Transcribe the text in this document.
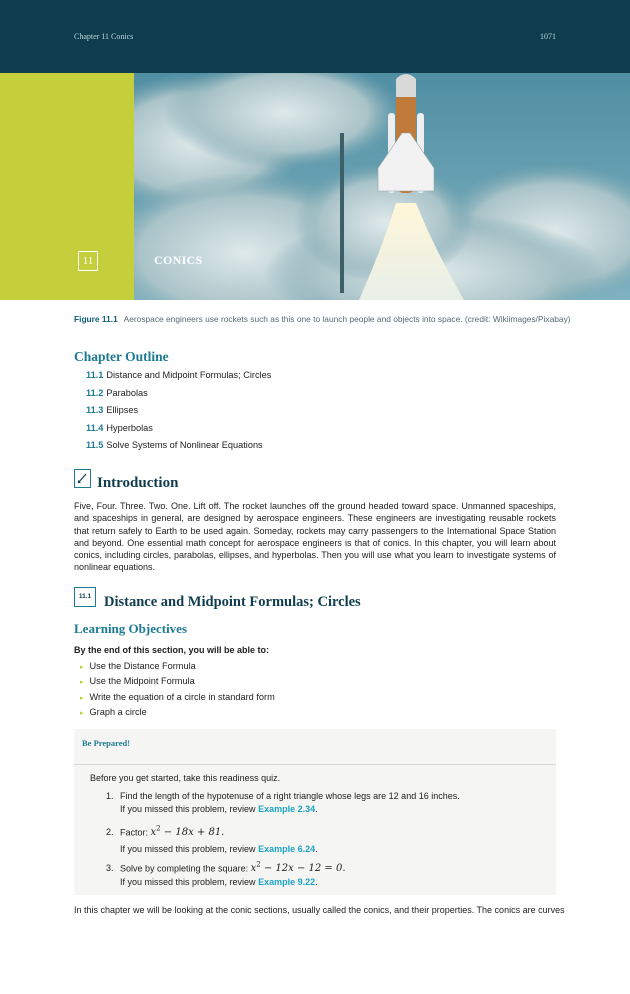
Chapter 11 Conics	1071
11	CONICS
Figure 11.1 Aerospace engineers use rockets such as this one to launch people and objects into space. (credit: Wikiimages/Pixabay)
Chapter Outline
11.1 Distance and Midpoint Formulas; Circles
11.2 Parabolas
11.3 Ellipses
11.4 Hyperbolas
11.5 Solve Systems of Nonlinear Equations
Introduction

Five, Four. Three. Two. One. Lift off. The rocket launches off the ground headed toward space. Unmanned spaceships, and spaceships in general, are designed by aerospace engineers. These engineers are investigating reusable rockets that return safely to Earth to be used again. Someday, rockets may carry passengers to the International Space Station and beyond. One essential math concept for aerospace engineers is that of conics. In this chapter, you will learn about conics, including circles, parabolas, ellipses, and hyperbolas. Then you will use what you learn to investigate systems of nonlinear equations.

11.1 Distance and Midpoint Formulas; Circles
Learning Objectives
By the end of this section, you will be able to:
▸ Use the Distance Formula
▸ Use the Midpoint Formula
▸ Write the equation of a circle in standard form
▸ Graph a circle
Be Prepared!
Before you get started, take this readiness quiz.
1. Find the length of the hypotenuse of a right triangle whose legs are 12 and 16 inches.
If you missed this problem, review Example 2.34.
2. Factor: $x^2 - 18x + 81$.
If you missed this problem, review Example 6.24.
3. Solve by completing the square: $x^2 - 12x - 12 = 0$.
If you missed this problem, review Example 9.22.

In this chapter we will be looking at the conic sections, usually called the conics, and their properties. The conics are curves
